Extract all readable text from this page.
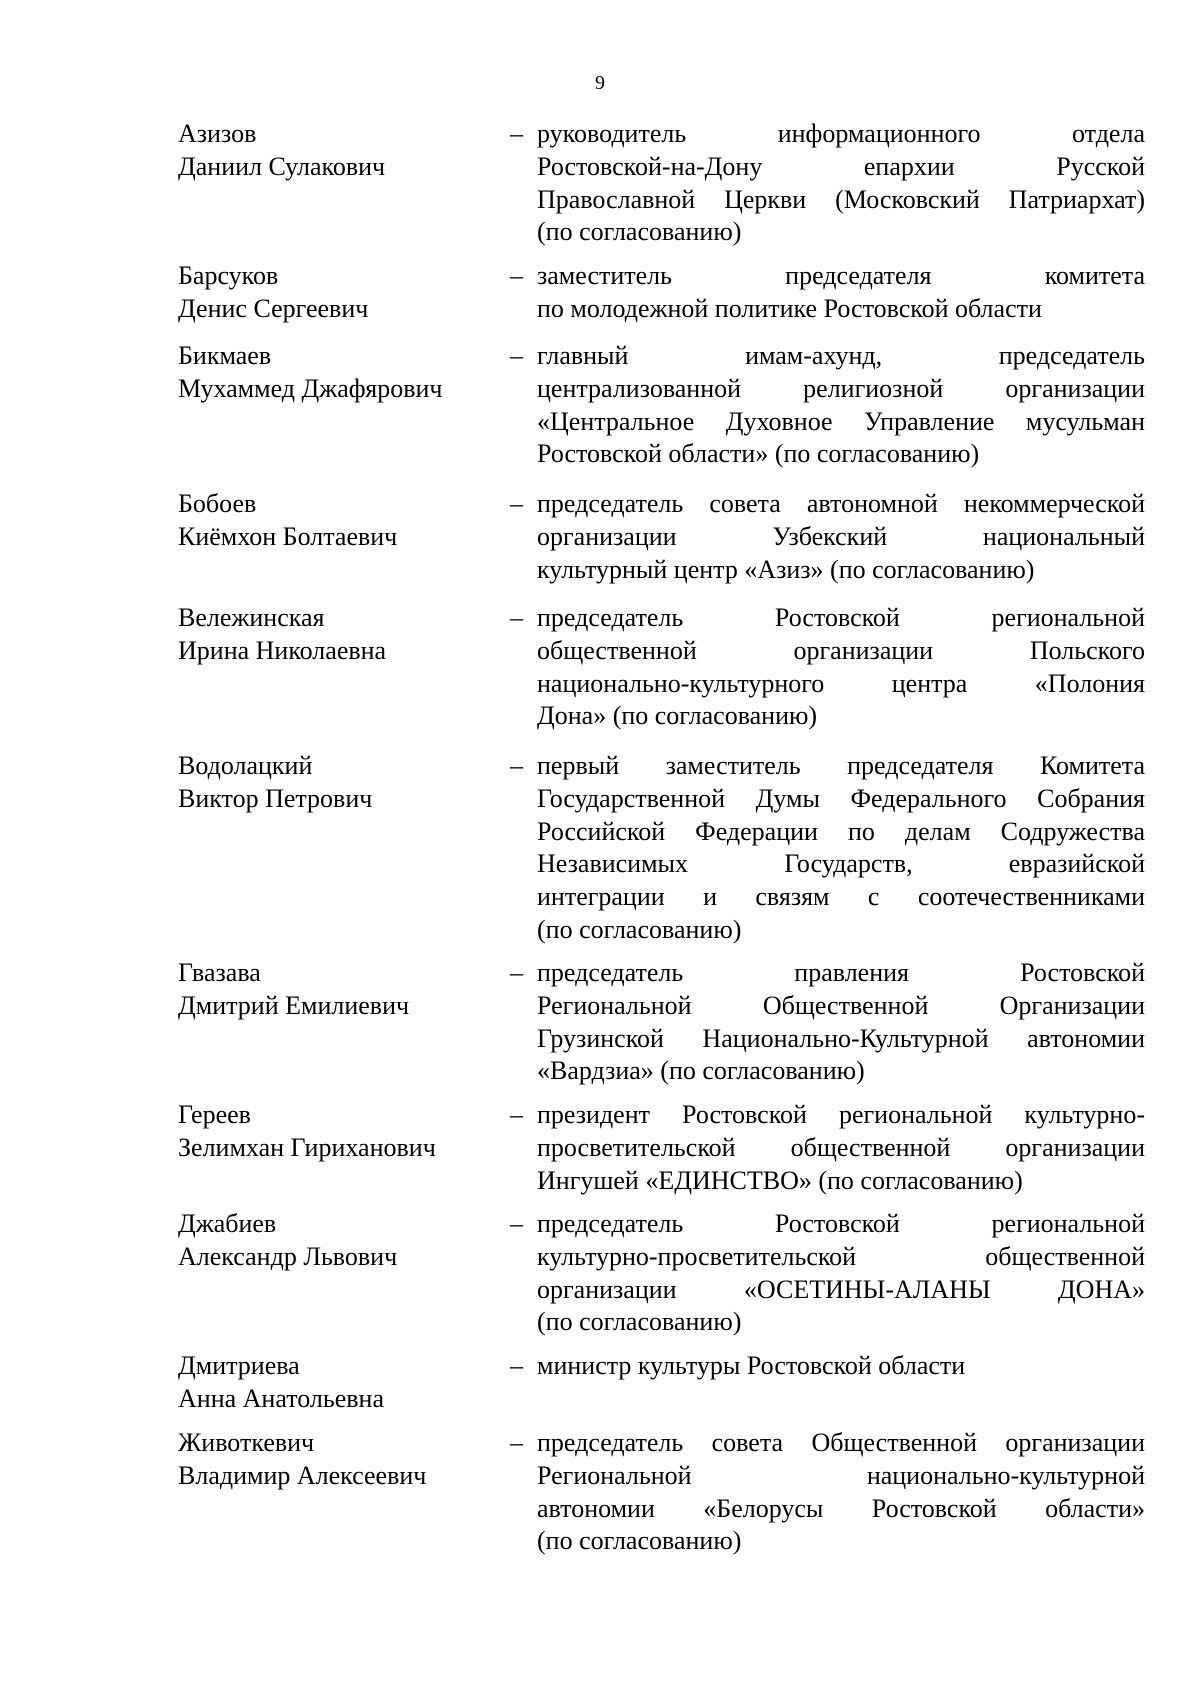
9
Азизов
Даниил Сулакович
– руководитель информационного отдела
Ростовской-на-Дону епархии Русской
Православной Церкви (Московский Патриархат)
(по согласованию)
Барсуков
Денис Сергеевич
– заместитель председателя комитета
по молодежной политике Ростовской области
Бикмаев
Мухаммед Джафярович
– главный имам-ахунд, председатель
централизованной религиозной организации
«Центральное Духовное Управление мусульман
Ростовской области» (по согласованию)
Бобоев
Киёмхон Болтаевич
– председатель совета автономной некоммерческой
организации Узбекский национальный
культурный центр «Азиз» (по согласованию)
Вележинская
Ирина Николаевна
– председатель Ростовской региональной
общественной организации Польского
национально-культурного центра «Полония
Дона» (по согласованию)
Водолацкий
Виктор Петрович
– первый заместитель председателя Комитета
Государственной Думы Федерального Собрания
Российской Федерации по делам Содружества
Независимых Государств, евразийской
интеграции и связям с соотечественниками
(по согласованию)
Гвазава
Дмитрий Емилиевич
– председатель правления Ростовской
Региональной Общественной Организации
Грузинской Национально-Культурной автономии
«Вардзиа» (по согласованию)
Гереев
Зелимхан Гириханович
– президент Ростовской региональной культурно-
просветительской общественной организации
Ингушей «ЕДИНСТВО» (по согласованию)
Джабиев
Александр Львович
– председатель Ростовской региональной
культурно-просветительской общественной
организации «ОСЕТИНЫ-АЛАНЫ ДОНА»
(по согласованию)
Дмитриева
Анна Анатольевна
– министр культуры Ростовской области
Животкевич
Владимир Алексеевич
– председатель совета Общественной организации
Региональной национально-культурной
автономии «Белорусы Ростовской области»
(по согласованию)
